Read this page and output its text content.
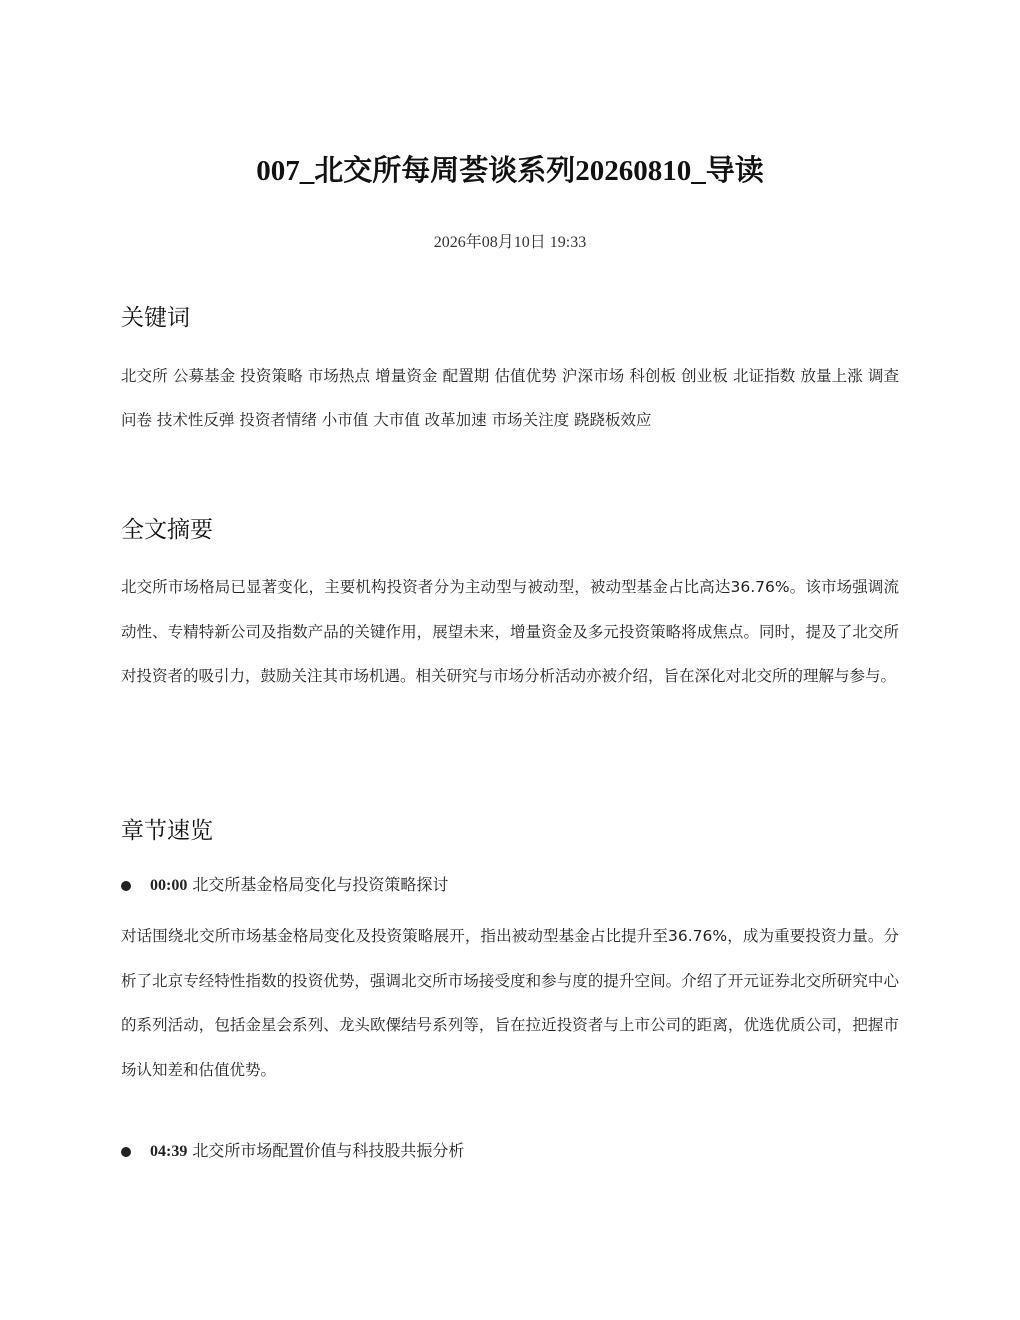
007_北交所每周荟谈系列20260810_导读
2026年08月10日 19:33
关键词

北交所 公募基金 投资策略 市场热点 增量资金 配置期 估值优势 沪深市场 科创板 创业板 北证指数 放量上涨 调查问卷 技术性反弹 投资者情绪 小市值 大市值 改革加速 市场关注度 跷跷板效应

全文摘要

北交所市场格局已显著变化，主要机构投资者分为主动型与被动型，被动型基金占比高达36.76%。该市场强调流动性、专精特新公司及指数产品的关键作用，展望未来，增量资金及多元投资策略将成焦点。同时，提及了北交所对投资者的吸引力，鼓励关注其市场机遇。相关研究与市场分析活动亦被介绍，旨在深化对北交所的理解与参与。

章节速览
00:00 北交所基金格局变化与投资策略探讨

对话围绕北交所市场基金格局变化及投资策略展开，指出被动型基金占比提升至36.76%，成为重要投资力量。分析了北京专经特性指数的投资优势，强调北交所市场接受度和参与度的提升空间。介绍了开元证券北交所研究中心的系列活动，包括金星会系列、龙头欧僳结号系列等，旨在拉近投资者与上市公司的距离，优选优质公司，把握市场认知差和估值优势。

04:39 北交所市场配置价值与科技股共振分析
